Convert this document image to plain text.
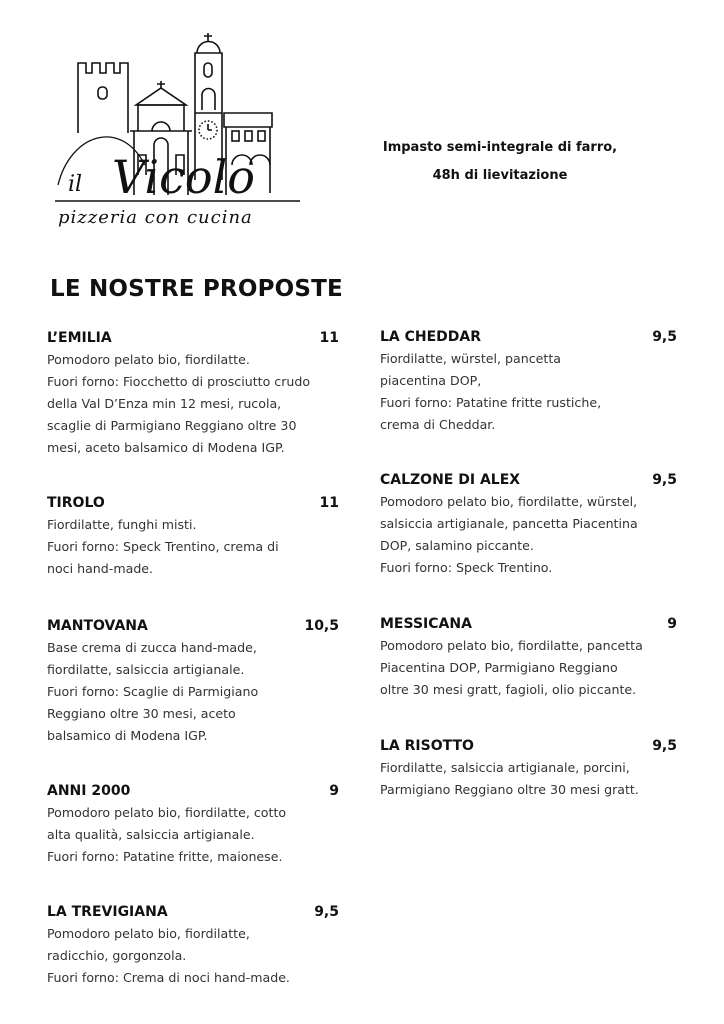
il Vicolo
pizzeria con cucina
Impasto semi-integrale di farro,
48h di lievitazione
LE NOSTRE PROPOSTE
L’EMILIA	11
Pomodoro pelato bio, fiordilatte.
Fuori forno: Fiocchetto di prosciutto crudo
della Val D’Enza min 12 mesi, rucola,
scaglie di Parmigiano Reggiano oltre 30
mesi, aceto balsamico di Modena IGP.
TIROLO	11
Fiordilatte, funghi misti.
Fuori forno: Speck Trentino, crema di
noci hand-made.
MANTOVANA	10,5
Base crema di zucca hand-made,
fiordilatte, salsiccia artigianale.
Fuori forno: Scaglie di Parmigiano
Reggiano oltre 30 mesi, aceto
balsamico di Modena IGP.
ANNI 2000	9
Pomodoro pelato bio, fiordilatte, cotto
alta qualità, salsiccia artigianale.
Fuori forno: Patatine fritte, maionese.
LA TREVIGIANA	9,5
Pomodoro pelato bio, fiordilatte,
radicchio, gorgonzola.
Fuori forno: Crema di noci hand-made.
LA CHEDDAR	9,5
Fiordilatte, würstel, pancetta
piacentina DOP,
Fuori forno: Patatine fritte rustiche,
crema di Cheddar.
CALZONE DI ALEX	9,5
Pomodoro pelato bio, fiordilatte, würstel,
salsiccia artigianale, pancetta Piacentina
DOP, salamino piccante.
Fuori forno: Speck Trentino.
MESSICANA	9
Pomodoro pelato bio, fiordilatte, pancetta
Piacentina DOP, Parmigiano Reggiano
oltre 30 mesi gratt, fagioli, olio piccante.
LA RISOTTO	9,5
Fiordilatte, salsiccia artigianale, porcini,
Parmigiano Reggiano oltre 30 mesi gratt.
